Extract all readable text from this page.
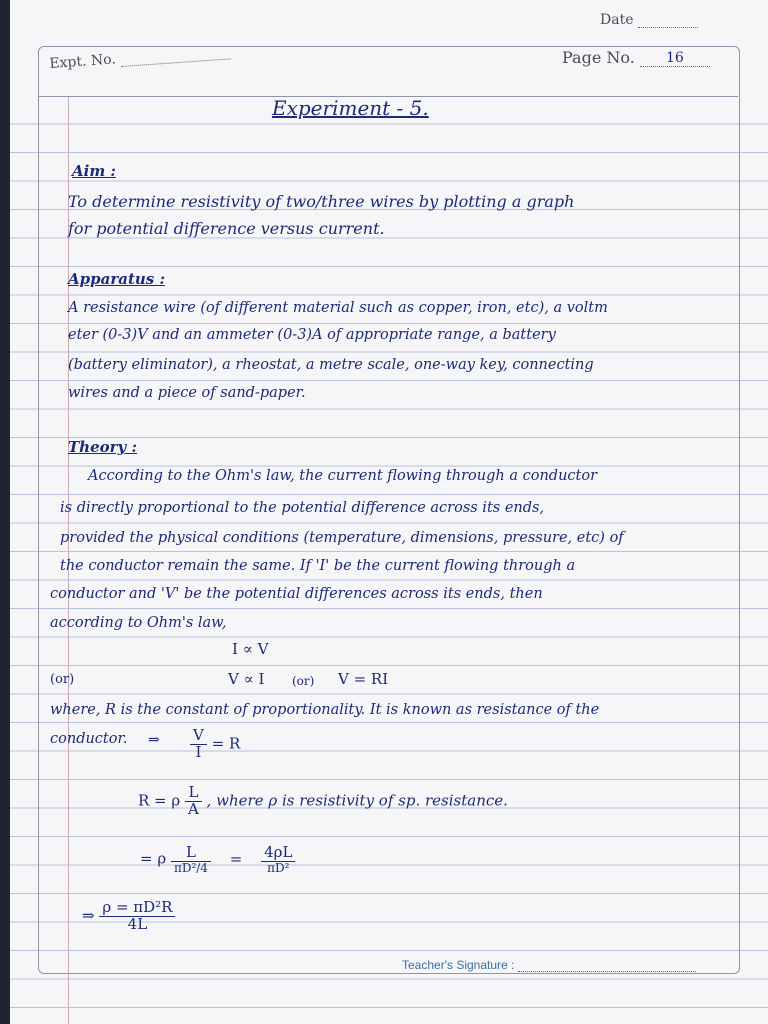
Date
Expt. No.	Page No. 16
Experiment - 5.
Aim :
To determine resistivity of two/three wires by plotting a graph
for potential difference versus current.
Apparatus :
A resistance wire (of different material such as copper, iron, etc), a voltm
eter (0-3)V and an ammeter (0-3)A of appropriate range, a battery
(battery eliminator), a rheostat, a metre scale, one-way key, connecting
wires and a piece of sand-paper.
Theory :
According to the Ohm's law, the current flowing through a conductor
is directly proportional to the potential difference across its ends,
provided the physical conditions (temperature, dimensions, pressure, etc) of
the conductor remain the same. If 'I' be the current flowing through a
conductor and 'V' be the potential differences across its ends, then
according to Ohm's law,
I ∝ V
(or)	V ∝ I (or) V = RI
where, R is the constant of proportionality. It is known as resistance of the
conductor. ⇒ $\frac{V}{I} = R$
R = ρ $\frac{L}{A}$ , where ρ is resistivity of sp. resistance.
= ρ $\frac{L}{\text{πD²/4}} = \frac{4\rho L}{\text{πD²}}$
⇒ $\frac{\text{ρ = πD²R}}{4L}$
Teacher's Signature :
